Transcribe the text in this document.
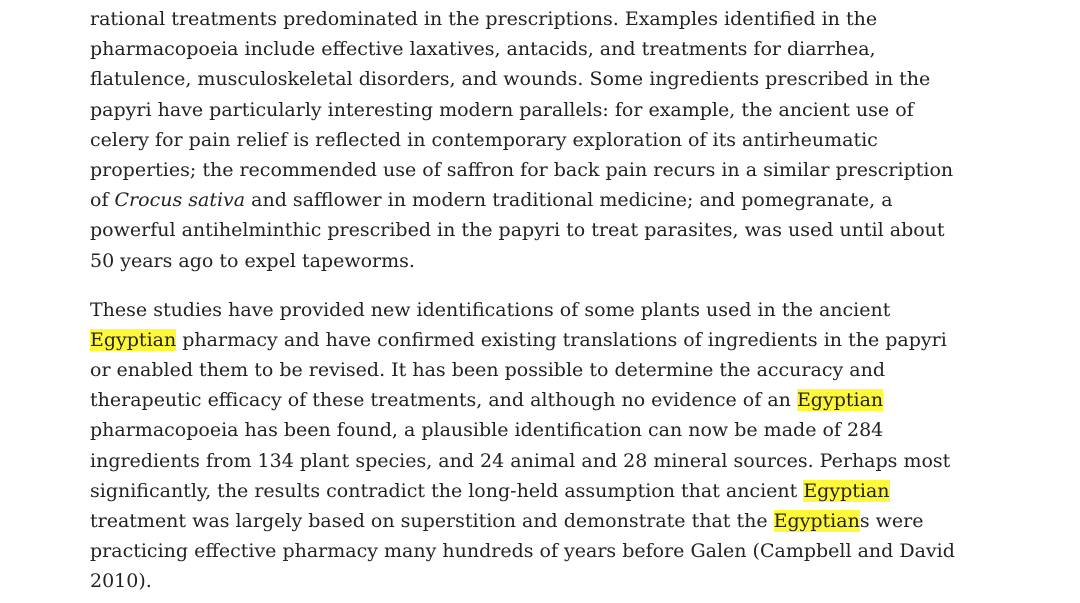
rational treatments predominated in the prescriptions. Examples identified in the
pharmacopoeia include effective laxatives, antacids, and treatments for diarrhea,
flatulence, musculoskeletal disorders, and wounds. Some ingredients prescribed in the
papyri have particularly interesting modern parallels: for example, the ancient use of
celery for pain relief is reflected in contemporary exploration of its antirheumatic
properties; the recommended use of saffron for back pain recurs in a similar prescription
of Crocus sativa and safflower in modern traditional medicine; and pomegranate, a
powerful antihelminthic prescribed in the papyri to treat parasites, was used until about
50 years ago to expel tapeworms.

These studies have provided new identifications of some plants used in the ancient
Egyptian pharmacy and have confirmed existing translations of ingredients in the papyri
or enabled them to be revised. It has been possible to determine the accuracy and
therapeutic efficacy of these treatments, and although no evidence of an Egyptian
pharmacopoeia has been found, a plausible identification can now be made of 284
ingredients from 134 plant species, and 24 animal and 28 mineral sources. Perhaps most
significantly, the results contradict the long-held assumption that ancient Egyptian
treatment was largely based on superstition and demonstrate that the Egyptians were
practicing effective pharmacy many hundreds of years before Galen (Campbell and David
2010).
